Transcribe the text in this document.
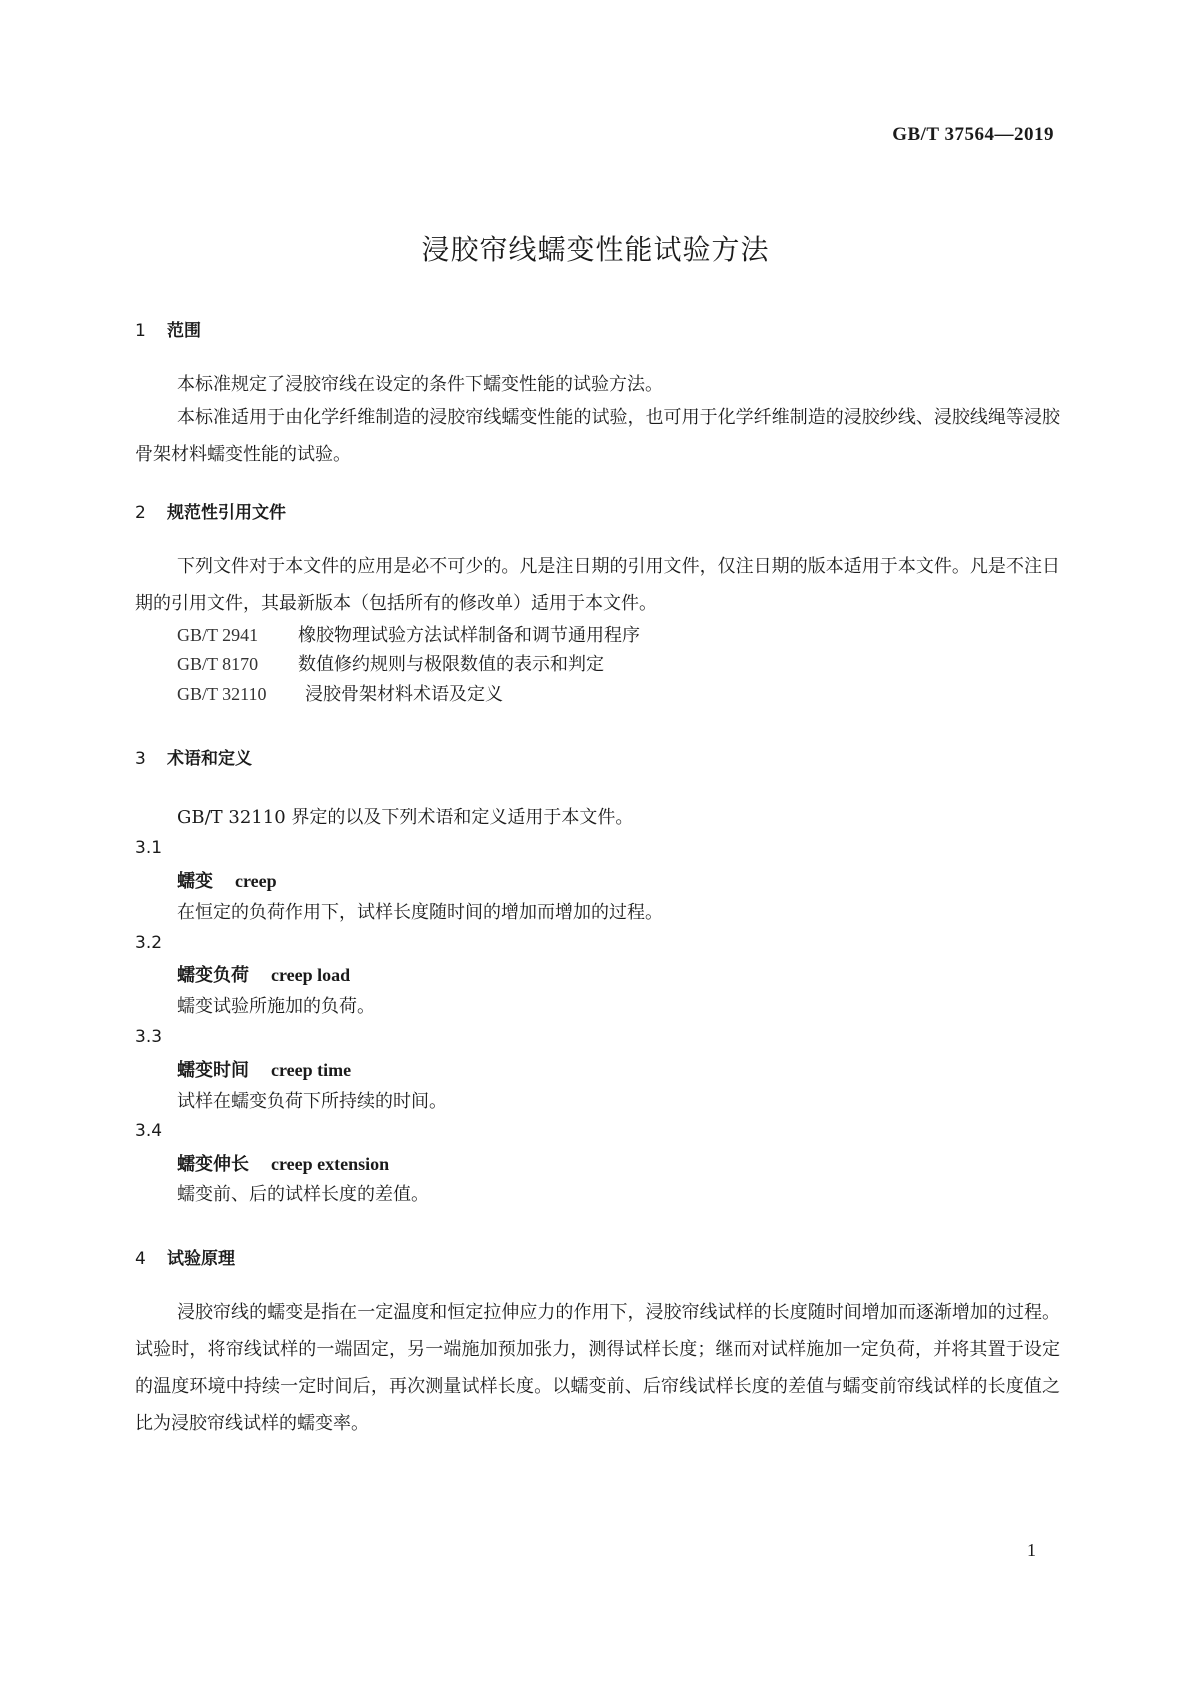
GB/T 37564—2019
浸胶帘线蠕变性能试验方法
1 范围

本标准规定了浸胶帘线在设定的条件下蠕变性能的试验方法。

本标准适用于由化学纤维制造的浸胶帘线蠕变性能的试验，也可用于化学纤维制造的浸胶纱线、浸胶线绳等浸胶骨架材料蠕变性能的试验。

2 规范性引用文件

下列文件对于本文件的应用是必不可少的。凡是注日期的引用文件，仅注日期的版本适用于本文件。凡是不注日期的引用文件，其最新版本（包括所有的修改单）适用于本文件。

GB/T 2941 橡胶物理试验方法试样制备和调节通用程序
GB/T 8170 数值修约规则与极限数值的表示和判定
GB/T 32110 浸胶骨架材料术语及定义
3 术语和定义
GB/T 32110 界定的以及下列术语和定义适用于本文件。
3.1
蠕变 creep
在恒定的负荷作用下，试样长度随时间的增加而增加的过程。
3.2
蠕变负荷 creep load
蠕变试验所施加的负荷。
3.3
蠕变时间 creep time
试样在蠕变负荷下所持续的时间。
3.4
蠕变伸长 creep extension
蠕变前、后的试样长度的差值。
4 试验原理

浸胶帘线的蠕变是指在一定温度和恒定拉伸应力的作用下，浸胶帘线试样的长度随时间增加而逐渐增加的过程。试验时，将帘线试样的一端固定，另一端施加预加张力，测得试样长度；继而对试样施加一定负荷，并将其置于设定的温度环境中持续一定时间后，再次测量试样长度。以蠕变前、后帘线试样长度的差值与蠕变前帘线试样的长度值之比为浸胶帘线试样的蠕变率。

1
